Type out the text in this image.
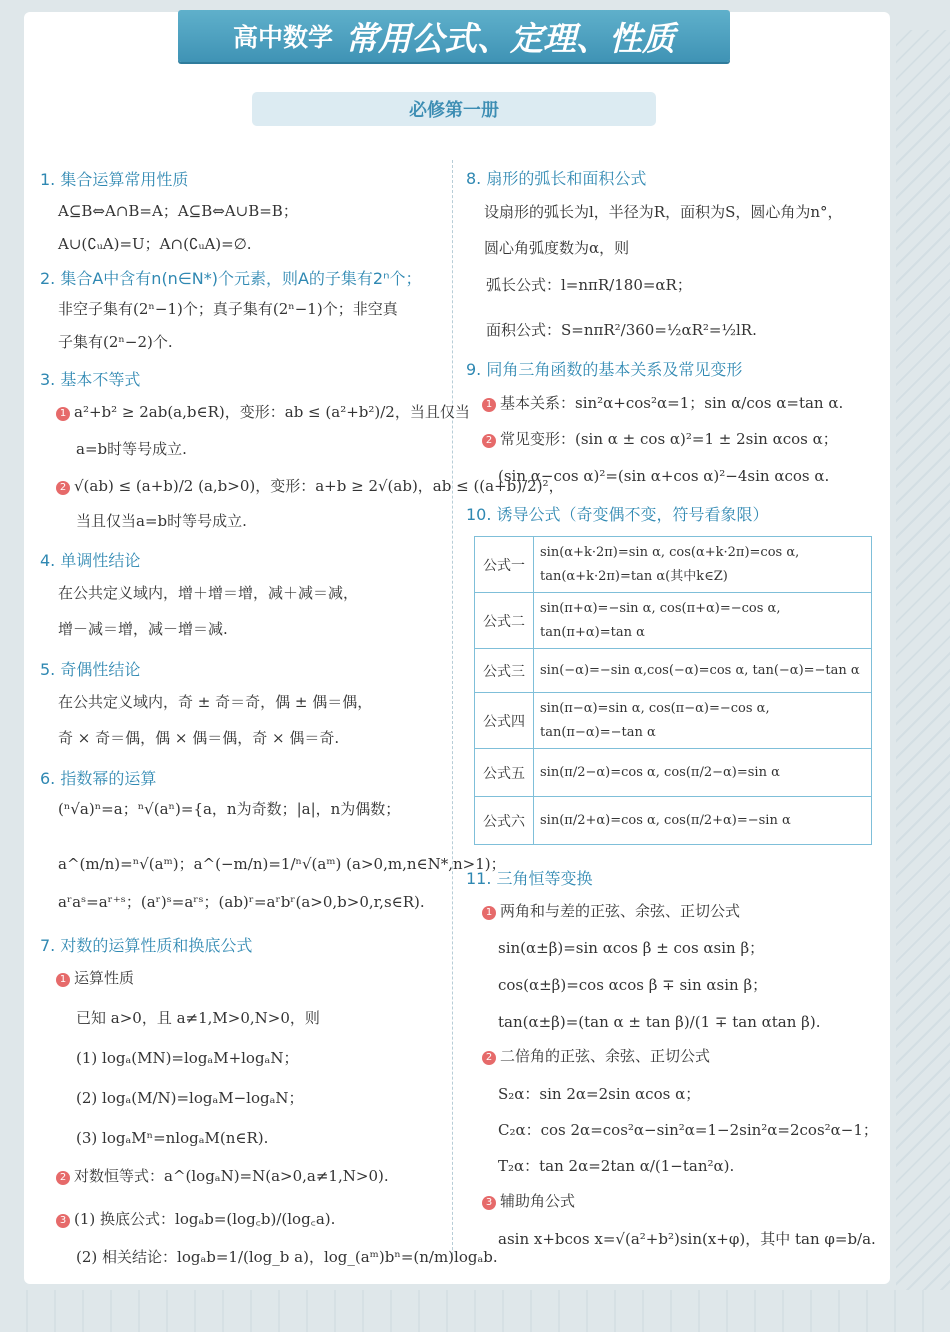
高中数学 常用公式、定理、性质
必修第一册
1. 集合运算常用性质
A⊆B⇔A∩B=A；A⊆B⇔A∪B=B；
A∪(∁ᵤA)=U；A∩(∁ᵤA)=∅.
2. 集合A中含有n(n∈N*)个元素，则A的子集有2ⁿ个；
非空子集有(2ⁿ−1)个；真子集有(2ⁿ−1)个；非空真
子集有(2ⁿ−2)个.
3. 基本不等式
1 a²+b² ≥ 2ab(a,b∈R)，变形：ab ≤ (a²+b²)/2，当且仅当
a=b时等号成立.
2 √(ab) ≤ (a+b)/2 (a,b>0)，变形：a+b ≥ 2√(ab)，ab ≤ ((a+b)/2)²，
当且仅当a=b时等号成立.
4. 单调性结论
在公共定义域内，增＋增＝增，减＋减＝减，
增－减＝增，减－增＝减.
5. 奇偶性结论
在公共定义域内，奇 ± 奇＝奇，偶 ± 偶＝偶，
奇 × 奇＝偶，偶 × 偶＝偶，奇 × 偶＝奇.
6. 指数幂的运算
(ⁿ√a)ⁿ=a；ⁿ√(aⁿ)={a，n为奇数；|a|，n为偶数；
a^(m/n)=ⁿ√(aᵐ)；a^(−m/n)=1/ⁿ√(aᵐ) (a>0,m,n∈N*,n>1)；
aʳaˢ=aʳ⁺ˢ；(aʳ)ˢ=aʳˢ；(ab)ʳ=aʳbʳ(a>0,b>0,r,s∈R).
7. 对数的运算性质和换底公式
1 运算性质
已知 a>0，且 a≠1,M>0,N>0，则
(1) logₐ(MN)=logₐM+logₐN；
(2) logₐ(M/N)=logₐM−logₐN；
(3) logₐMⁿ=nlogₐM(n∈R).
2 对数恒等式：a^(logₐN)=N(a>0,a≠1,N>0).
3 (1) 换底公式：logₐb=(log꜀b)/(log꜀a).
(2) 相关结论：logₐb=1/(log_b a)，log_(aᵐ)bⁿ=(n/m)logₐb.
8. 扇形的弧长和面积公式
设扇形的弧长为l，半径为R，面积为S，圆心角为n°，
圆心角弧度数为α，则
弧长公式：l=nπR/180=αR；
面积公式：S=nπR²/360=½αR²=½lR.
9. 同角三角函数的基本关系及常见变形
1 基本关系：sin²α+cos²α=1；sin α/cos α=tan α.
2 常见变形：(sin α ± cos α)²=1 ± 2sin αcos α；
(sin α−cos α)²=(sin α+cos α)²−4sin αcos α.
10. 诱导公式（奇变偶不变，符号看象限）
11. 三角恒等变换
1 两角和与差的正弦、余弦、正切公式
sin(α±β)=sin αcos β ± cos αsin β；
cos(α±β)=cos αcos β ∓ sin αsin β；
tan(α±β)=(tan α ± tan β)/(1 ∓ tan αtan β).
2 二倍角的正弦、余弦、正切公式
S₂α：sin 2α=2sin αcos α；
C₂α：cos 2α=cos²α−sin²α=1−2sin²α=2cos²α−1；
T₂α：tan 2α=2tan α/(1−tan²α).
3 辅助角公式
asin x+bcos x=√(a²+b²)sin(x+φ)，其中 tan φ=b/a.
公式一	sin(α+k·2π)=sin α, cos(α+k·2π)=cos α,
tan(α+k·2π)=tan α(其中k∈Z)

公式二	sin(π+α)=−sin α, cos(π+α)=−cos α,
tan(π+α)=tan α

公式三	sin(−α)=−sin α,cos(−α)=cos α, tan(−α)=−tan α

公式四	sin(π−α)=sin α, cos(π−α)=−cos α,
tan(π−α)=−tan α

公式五	sin(π/2−α)=cos α, cos(π/2−α)=sin α

公式六	sin(π/2+α)=cos α, cos(π/2+α)=−sin α
